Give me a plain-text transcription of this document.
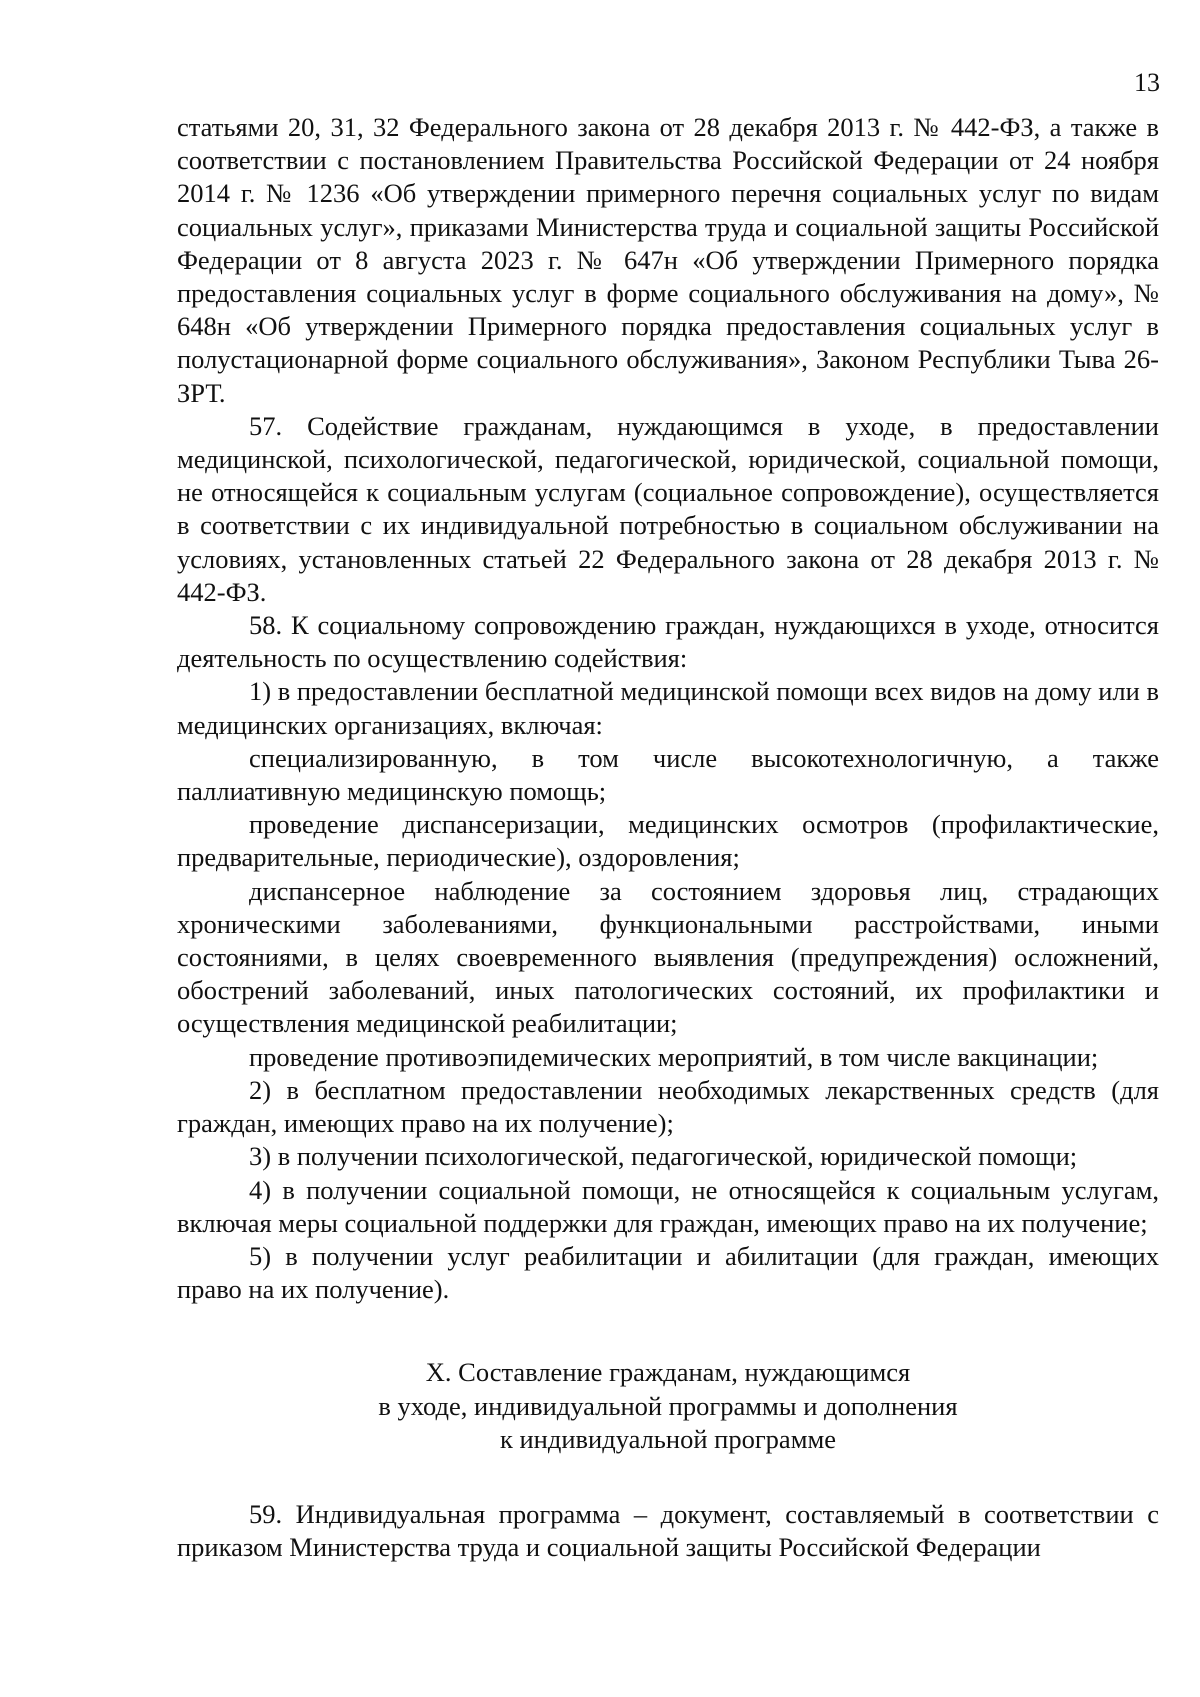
13

статьями 20, 31, 32 Федерального закона от 28 декабря 2013 г. № 442-ФЗ, а также в соответствии с постановлением Правительства Российской Федерации от 24 ноября 2014 г. № 1236 «Об утверждении примерного перечня социальных услуг по видам социальных услуг», приказами Министерства труда и социальной защиты Российской Федерации от 8 августа 2023 г. № 647н «Об утверждении Примерного порядка предоставления социальных услуг в форме социального обслуживания на дому», № 648н «Об утверждении Примерного порядка предоставления социальных услуг в полустационарной форме социального обслуживания», Законом Республики Тыва 26-ЗРТ.

57. Содействие гражданам, нуждающимся в уходе, в предоставлении медицинской, психологической, педагогической, юридической, социальной помощи, не относящейся к социальным услугам (социальное сопровождение), осуществляется в соответствии с их индивидуальной потребностью в социальном обслуживании на условиях, установленных статьей 22 Федерального закона от 28 декабря 2013 г. № 442-ФЗ.

58. К социальному сопровождению граждан, нуждающихся в уходе, относится деятельность по осуществлению содействия:

1) в предоставлении бесплатной медицинской помощи всех видов на дому или в медицинских организациях, включая:

специализированную, в том числе высокотехнологичную, а также паллиативную медицинскую помощь;

проведение диспансеризации, медицинских осмотров (профилактические, предварительные, периодические), оздоровления;

диспансерное наблюдение за состоянием здоровья лиц, страдающих хроническими заболеваниями, функциональными расстройствами, иными состояниями, в целях своевременного выявления (предупреждения) осложнений, обострений заболеваний, иных патологических состояний, их профилактики и осуществления медицинской реабилитации;

проведение противоэпидемических мероприятий, в том числе вакцинации;

2) в бесплатном предоставлении необходимых лекарственных средств (для граждан, имеющих право на их получение);

3) в получении психологической, педагогической, юридической помощи;

4) в получении социальной помощи, не относящейся к социальным услугам, включая меры социальной поддержки для граждан, имеющих право на их получение;

5) в получении услуг реабилитации и абилитации (для граждан, имеющих право на их получение).

X. Составление гражданам, нуждающимся
в уходе, индивидуальной программы и дополнения
к индивидуальной программе

59. Индивидуальная программа – документ, составляемый в соответствии с приказом Министерства труда и социальной защиты Российской Федерации
